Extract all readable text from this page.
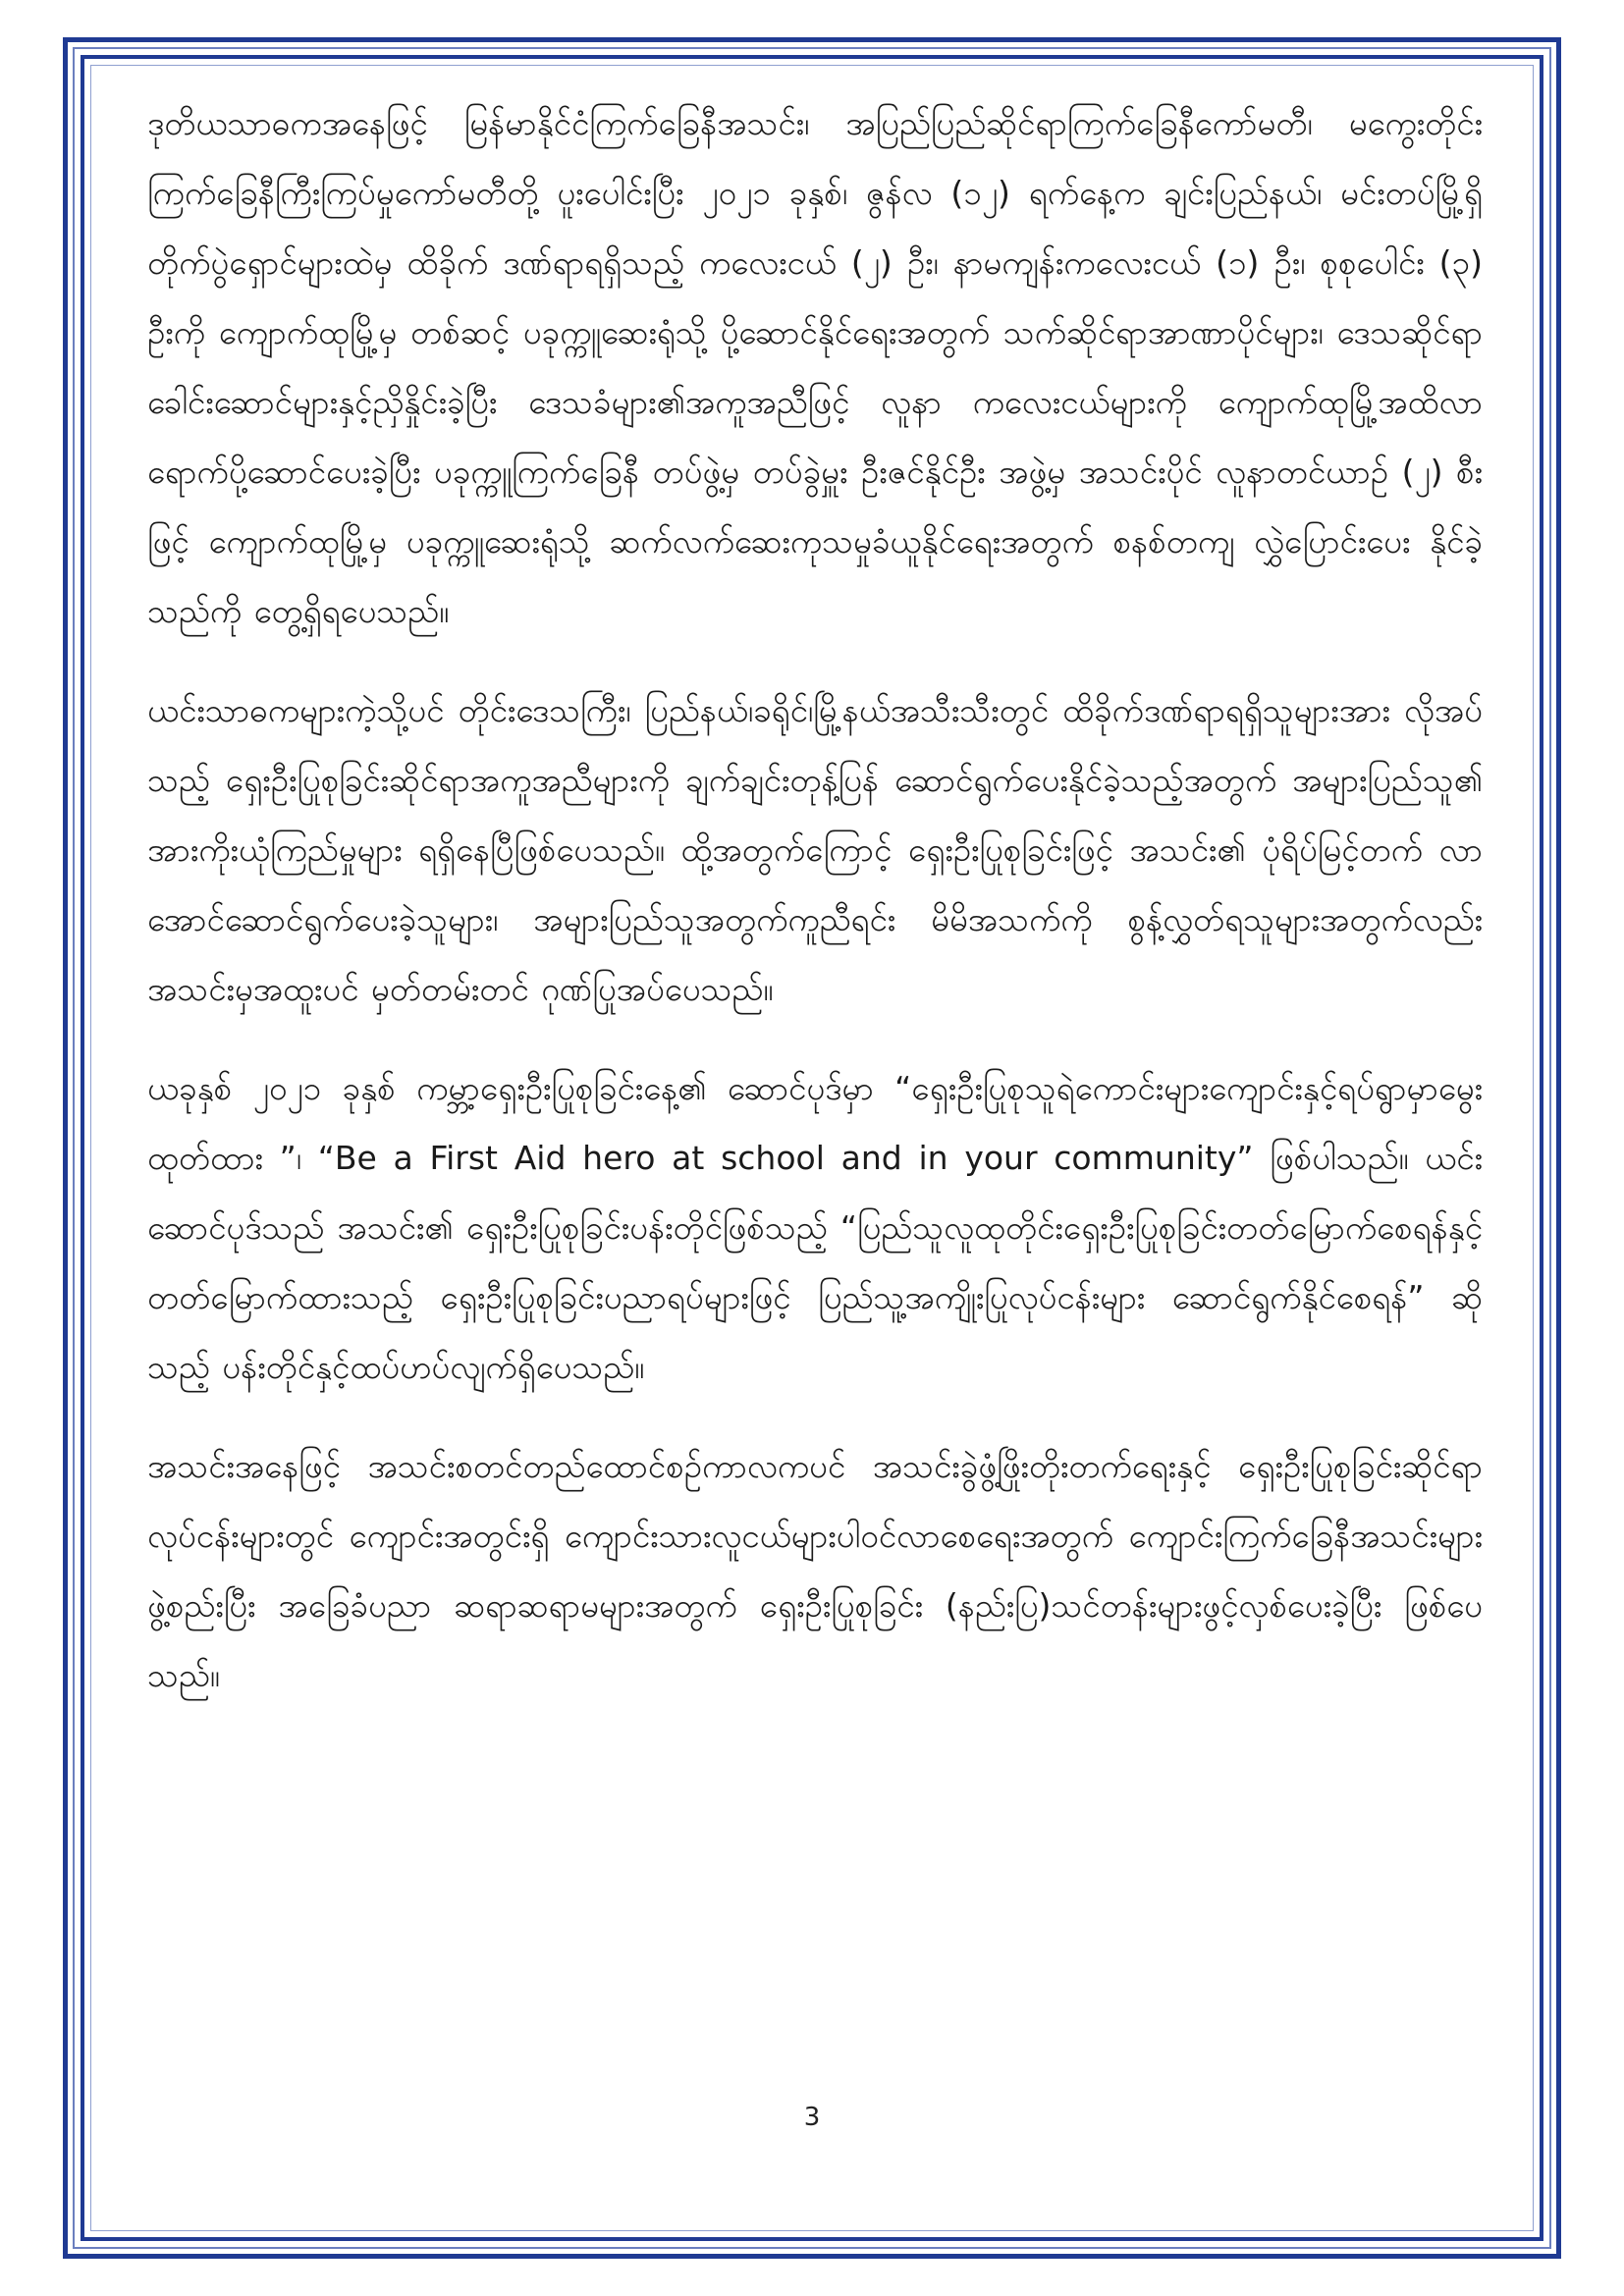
ဒုတိယသာဓကအနေဖြင့် မြန်မာနိုင်ငံကြက်ခြေနီအသင်း၊ အပြည်ပြည်ဆိုင်ရာကြက်ခြေနီကော်မတီ၊ မကွေးတိုင်းကြက်ခြေနီကြီးကြပ်မှုကော်မတီတို့ ပူးပေါင်းပြီး ၂၀၂၁ ခုနှစ်၊ ဇွန်လ (၁၂) ရက်နေ့က ချင်းပြည်နယ်၊ မင်းတပ်မြို့ရှိ တိုက်ပွဲရှောင်များထဲမှ ထိခိုက် ဒဏ်ရာရရှိသည့် ကလေးငယ် (၂) ဦး၊ နာမကျန်းကလေးငယ် (၁) ဦး၊ စုစုပေါင်း (၃) ဦးကို ကျောက်ထုမြို့မှ တစ်ဆင့် ပခုက္ကူဆေးရုံသို့ ပို့ဆောင်နိုင်ရေးအတွက် သက်ဆိုင်ရာအာဏာပိုင်များ၊ ဒေသဆိုင်ရာခေါင်းဆောင်များနှင့်ညှိနှိုင်းခဲ့ပြီး ဒေသခံများ၏အကူအညီဖြင့် လူနာ ကလေးငယ်များကို ကျောက်ထုမြို့အထိလာရောက်ပို့ဆောင်ပေးခဲ့ပြီး ပခုက္ကူကြက်ခြေနီ တပ်ဖွဲ့မှ တပ်ခွဲမှူး ဦးဇင်နိုင်ဦး အဖွဲ့မှ အသင်းပိုင် လူနာတင်ယာဉ် (၂) စီးဖြင့် ကျောက်ထုမြို့မှ ပခုက္ကူဆေးရုံသို့ ဆက်လက်ဆေးကုသမှုခံယူနိုင်ရေးအတွက် စနစ်တကျ လွှဲပြောင်းပေး နိုင်ခဲ့သည်ကို တွေ့ရှိရပေသည်။

ယင်းသာဓကများကဲ့သို့ပင် တိုင်းဒေသကြီး၊ ပြည်နယ်၊ခရိုင်၊မြို့နယ်အသီးသီးတွင် ထိခိုက်ဒဏ်ရာရရှိသူများအား လိုအပ်သည့် ရှေးဦးပြုစုခြင်းဆိုင်ရာအကူအညီများကို ချက်ချင်းတုန့်ပြန် ဆောင်ရွက်ပေးနိုင်ခဲ့သည့်အတွက် အများပြည်သူ၏ အားကိုးယုံကြည်မှုများ ရရှိနေပြီဖြစ်ပေသည်။ ထို့အတွက်ကြောင့် ရှေးဦးပြုစုခြင်းဖြင့် အသင်း၏ ပုံရိပ်မြင့်တက် လာအောင်ဆောင်ရွက်ပေးခဲ့သူများ၊ အများပြည်သူအတွက်ကူညီရင်း မိမိအသက်ကို စွန့်လွှတ်ရသူများအတွက်လည်း အသင်းမှအထူးပင် မှတ်တမ်းတင် ဂုဏ်ပြုအပ်ပေသည်။

ယခုနှစ် ၂၀၂၁ ခုနှစ် ကမ္ဘာ့ရှေးဦးပြုစုခြင်းနေ့၏ ဆောင်ပုဒ်မှာ “ရှေးဦးပြုစုသူရဲကောင်းများကျောင်းနှင့်ရပ်ရွာမှာမွေးထုတ်ထား ”၊ “Be a First Aid hero at school and in your community” ဖြစ်ပါသည်။ ယင်းဆောင်ပုဒ်သည် အသင်း၏ ရှေးဦးပြုစုခြင်းပန်းတိုင်ဖြစ်သည့် “ပြည်သူလူထုတိုင်းရှေးဦးပြုစုခြင်းတတ်မြောက်စေရန်နှင့် တတ်မြောက်ထားသည့် ရှေးဦးပြုစုခြင်းပညာရပ်များဖြင့် ပြည်သူ့အကျိုးပြုလုပ်ငန်းများ ဆောင်ရွက်နိုင်စေရန်” ဆိုသည့် ပန်းတိုင်နှင့်ထပ်ဟပ်လျက်ရှိပေသည်။

အသင်းအနေဖြင့် အသင်းစတင်တည်ထောင်စဉ်ကာလကပင် အသင်းခွဲဖွံ့ဖြိုးတိုးတက်ရေးနှင့် ရှေးဦးပြုစုခြင်းဆိုင်ရာလုပ်ငန်းများတွင် ကျောင်းအတွင်းရှိ ကျောင်းသားလူငယ်များပါဝင်လာစေရေးအတွက် ကျောင်းကြက်ခြေနီအသင်းများဖွဲ့စည်းပြီး အခြေခံပညာ ဆရာဆရာမများအတွက် ရှေးဦးပြုစုခြင်း (နည်းပြ)သင်တန်းများဖွင့်လှစ်ပေးခဲ့ပြီး ဖြစ်ပေသည်။

3
